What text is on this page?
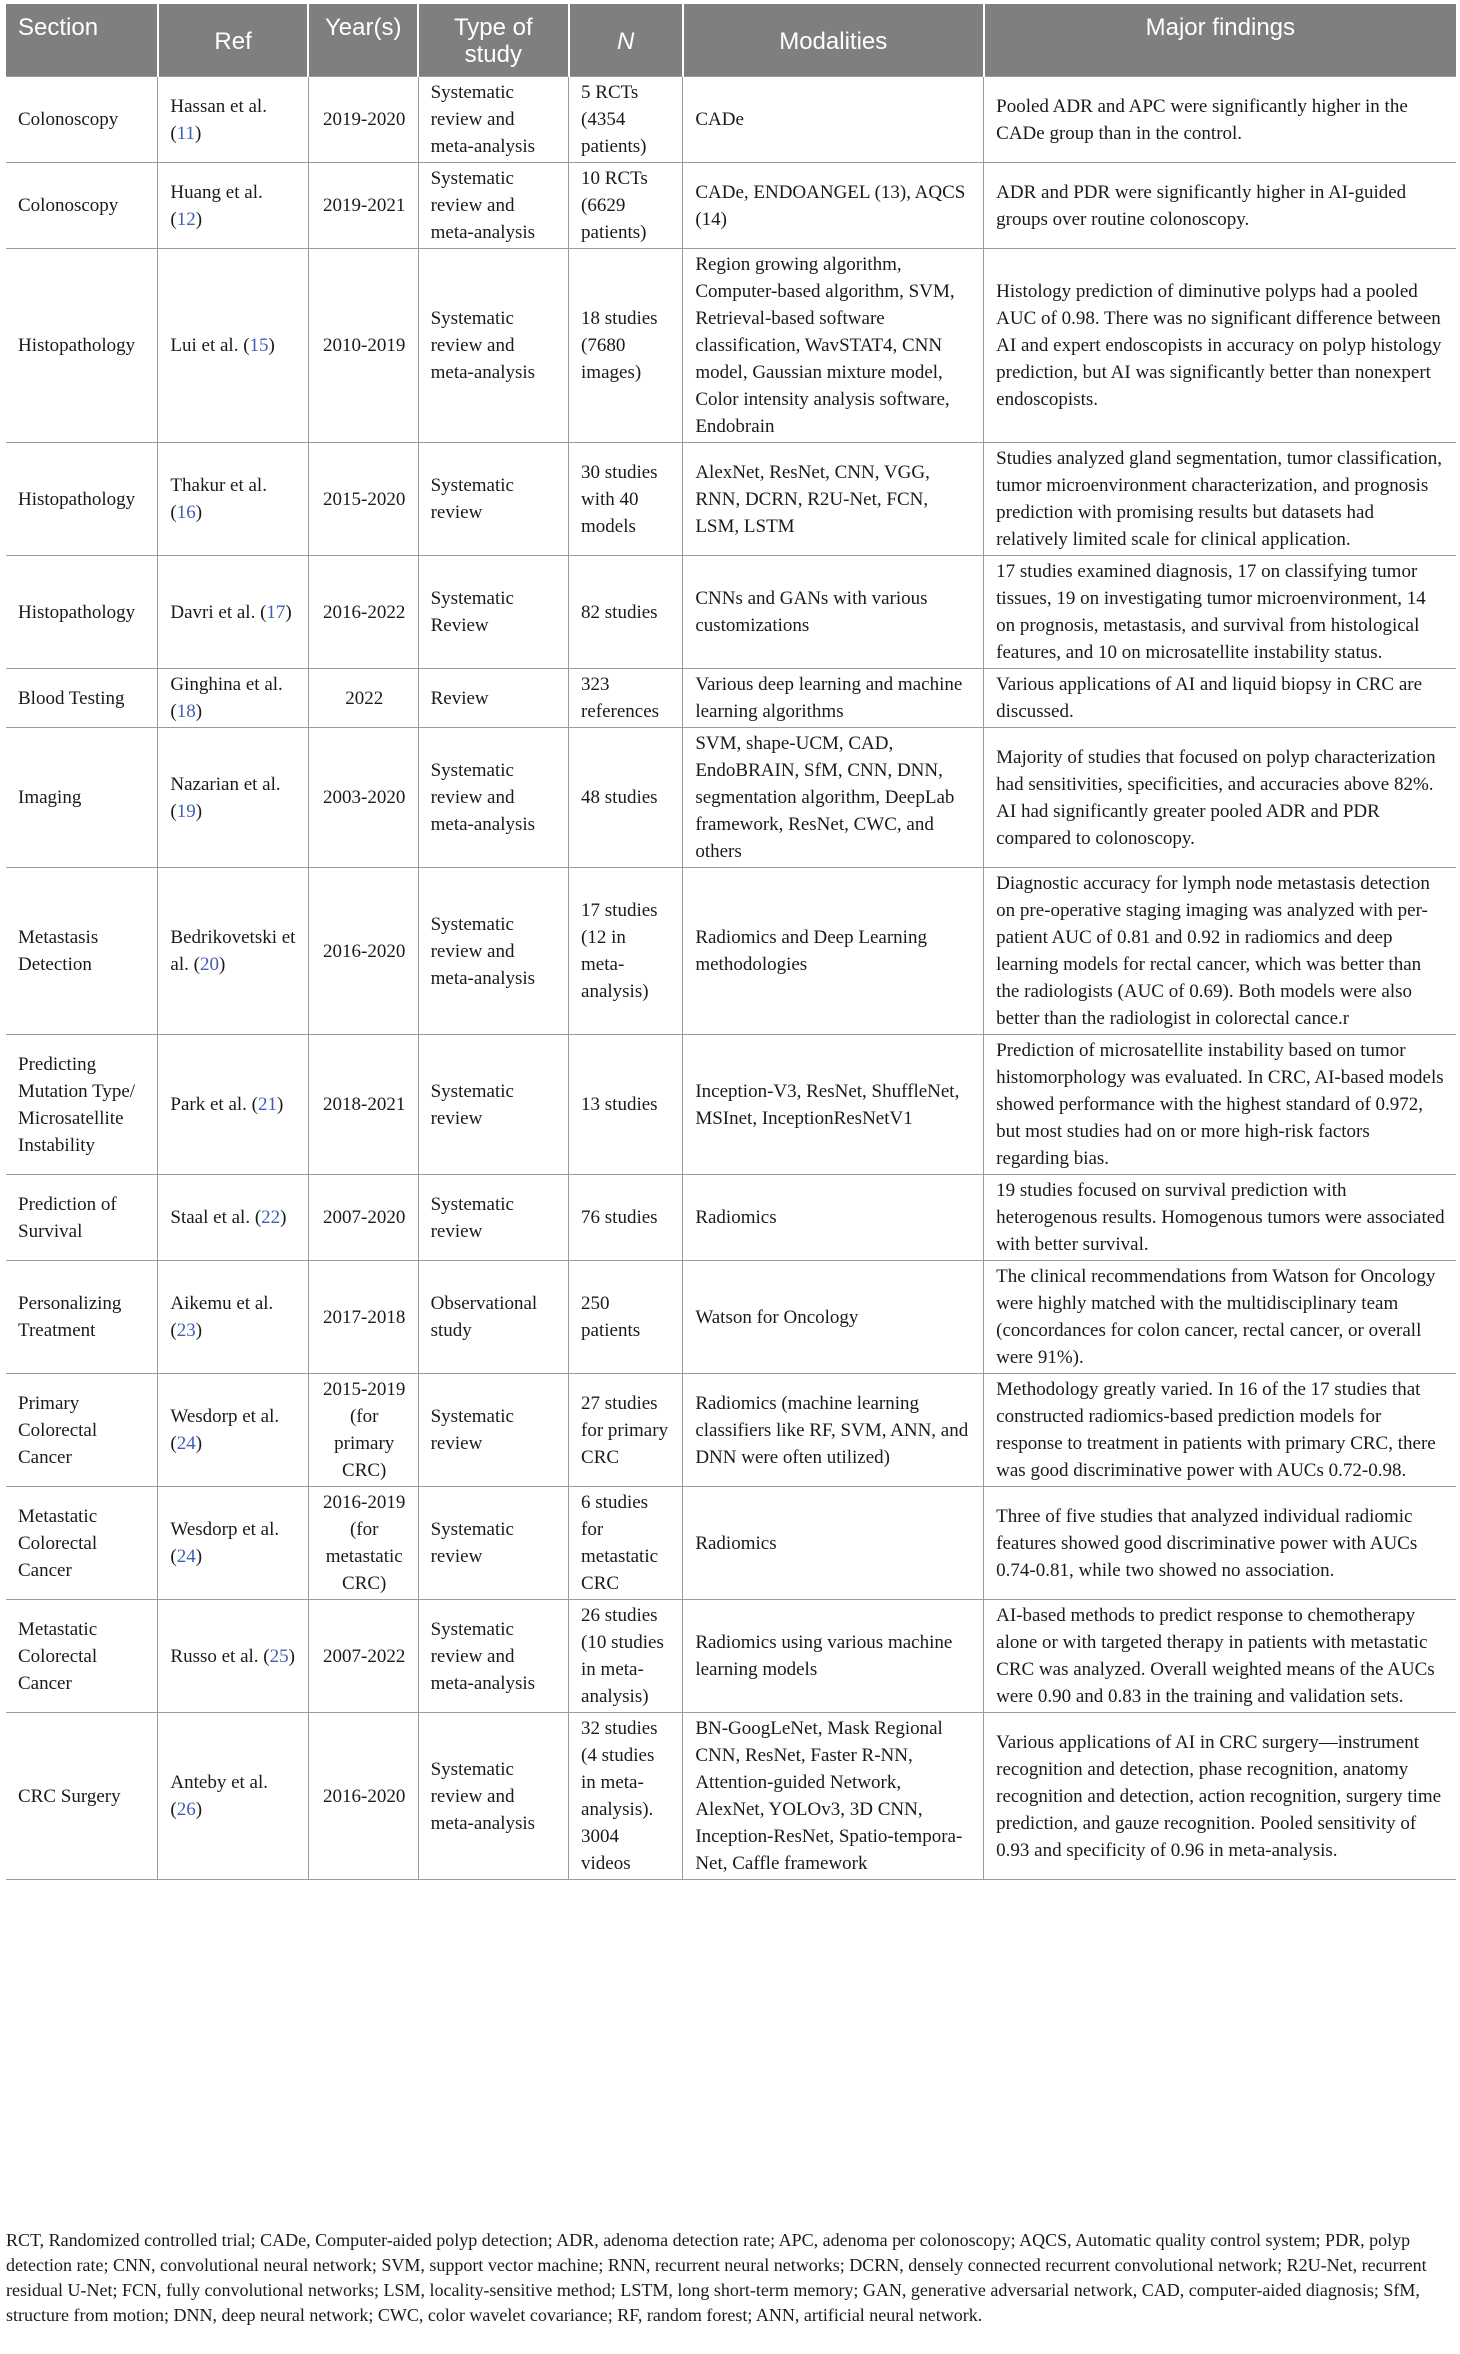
Section	Ref	Year(s)	Type of study	N	Modalities	Major findings
Colonoscopy	Hassan et al. (11)	2019-2020	Systematic review and meta-analysis	5 RCTs (4354 patients)	CADe	Pooled ADR and APC were significantly higher in the CADe group than in the control.
Colonoscopy	Huang et al. (12)	2019-2021	Systematic review and meta-analysis	10 RCTs (6629 patients)	CADe, ENDOANGEL (13), AQCS (14)	ADR and PDR were significantly higher in AI-guided groups over routine colonoscopy.
Histopathology	Lui et al. (15)	2010-2019	Systematic review and meta-analysis	18 studies (7680 images)	Region growing algorithm, Computer-based algorithm, SVM, Retrieval-based software classification, WavSTAT4, CNN model, Gaussian mixture model, Color intensity analysis software, Endobrain	Histology prediction of diminutive polyps had a pooled AUC of 0.98. There was no significant difference between AI and expert endoscopists in accuracy on polyp histology prediction, but AI was significantly better than nonexpert endoscopists.
Histopathology	Thakur et al. (16)	2015-2020	Systematic review	30 studies with 40 models	AlexNet, ResNet, CNN, VGG, RNN, DCRN, R2U-Net, FCN, LSM, LSTM	Studies analyzed gland segmentation, tumor classification, tumor microenvironment characterization, and prognosis prediction with promising results but datasets had relatively limited scale for clinical application.
Histopathology	Davri et al. (17)	2016-2022	Systematic Review	82 studies	CNNs and GANs with various customizations	17 studies examined diagnosis, 17 on classifying tumor tissues, 19 on investigating tumor microenvironment, 14 on prognosis, metastasis, and survival from histological features, and 10 on microsatellite instability status.
Blood Testing	Ginghina et al. (18)	2022	Review	323 references	Various deep learning and machine learning algorithms	Various applications of AI and liquid biopsy in CRC are discussed.
Imaging	Nazarian et al. (19)	2003-2020	Systematic review and meta-analysis	48 studies	SVM, shape-UCM, CAD, EndoBRAIN, SfM, CNN, DNN, segmentation algorithm, DeepLab framework, ResNet, CWC, and others	Majority of studies that focused on polyp characterization had sensitivities, specificities, and accuracies above 82%. AI had significantly greater pooled ADR and PDR compared to colonoscopy.
Metastasis Detection	Bedrikovetski et al. (20)	2016-2020	Systematic review and meta-analysis	17 studies (12 in meta-analysis)	Radiomics and Deep Learning methodologies	Diagnostic accuracy for lymph node metastasis detection on pre-operative staging imaging was analyzed with per-patient AUC of 0.81 and 0.92 in radiomics and deep learning models for rectal cancer, which was better than the radiologists (AUC of 0.69). Both models were also better than the radiologist in colorectal cance.r
Predicting Mutation Type/ Microsatellite Instability	Park et al. (21)	2018-2021	Systematic review	13 studies	Inception-V3, ResNet, ShuffleNet, MSInet, InceptionResNetV1	Prediction of microsatellite instability based on tumor histomorphology was evaluated. In CRC, AI-based models showed performance with the highest standard of 0.972, but most studies had on or more high-risk factors regarding bias.
Prediction of Survival	Staal et al. (22)	2007-2020	Systematic review	76 studies	Radiomics	19 studies focused on survival prediction with heterogenous results. Homogenous tumors were associated with better survival.
Personalizing Treatment	Aikemu et al. (23)	2017-2018	Observational study	250 patients	Watson for Oncology	The clinical recommendations from Watson for Oncology were highly matched with the multidisciplinary team (concordances for colon cancer, rectal cancer, or overall were 91%).
Primary Colorectal Cancer	Wesdorp et al. (24)	2015-2019 (for primary CRC)	Systematic review	27 studies for primary CRC	Radiomics (machine learning classifiers like RF, SVM, ANN, and DNN were often utilized)	Methodology greatly varied. In 16 of the 17 studies that constructed radiomics-based prediction models for response to treatment in patients with primary CRC, there was good discriminative power with AUCs 0.72-0.98.
Metastatic Colorectal Cancer	Wesdorp et al. (24)	2016-2019 (for metastatic CRC)	Systematic review	6 studies for metastatic CRC	Radiomics	Three of five studies that analyzed individual radiomic features showed good discriminative power with AUCs 0.74-0.81, while two showed no association.
Metastatic Colorectal Cancer	Russo et al. (25)	2007-2022	Systematic review and meta-analysis	26 studies (10 studies in meta-analysis)	Radiomics using various machine learning models	AI-based methods to predict response to chemotherapy alone or with targeted therapy in patients with metastatic CRC was analyzed. Overall weighted means of the AUCs were 0.90 and 0.83 in the training and validation sets.
CRC Surgery	Anteby et al. (26)	2016-2020	Systematic review and meta-analysis	32 studies (4 studies in meta-analysis). 3004 videos	BN-GoogLeNet, Mask Regional CNN, ResNet, Faster R-NN, Attention-guided Network, AlexNet, YOLOv3, 3D CNN, Inception-ResNet, Spatio-tempora-Net, Caffle framework	Various applications of AI in CRC surgery—instrument recognition and detection, phase recognition, anatomy recognition and detection, action recognition, surgery time prediction, and gauze recognition. Pooled sensitivity of 0.93 and specificity of 0.96 in meta-analysis.
RCT, Randomized controlled trial; CADe, Computer-aided polyp detection; ADR, adenoma detection rate; APC, adenoma per colonoscopy; AQCS, Automatic quality control system; PDR, polyp detection rate; CNN, convolutional neural network; SVM, support vector machine; RNN, recurrent neural networks; DCRN, densely connected recurrent convolutional network; R2U-Net, recurrent residual U-Net; FCN, fully convolutional networks; LSM, locality-sensitive method; LSTM, long short-term memory; GAN, generative adversarial network, CAD, computer-aided diagnosis; SfM, structure from motion; DNN, deep neural network; CWC, color wavelet covariance; RF, random forest; ANN, artificial neural network.
